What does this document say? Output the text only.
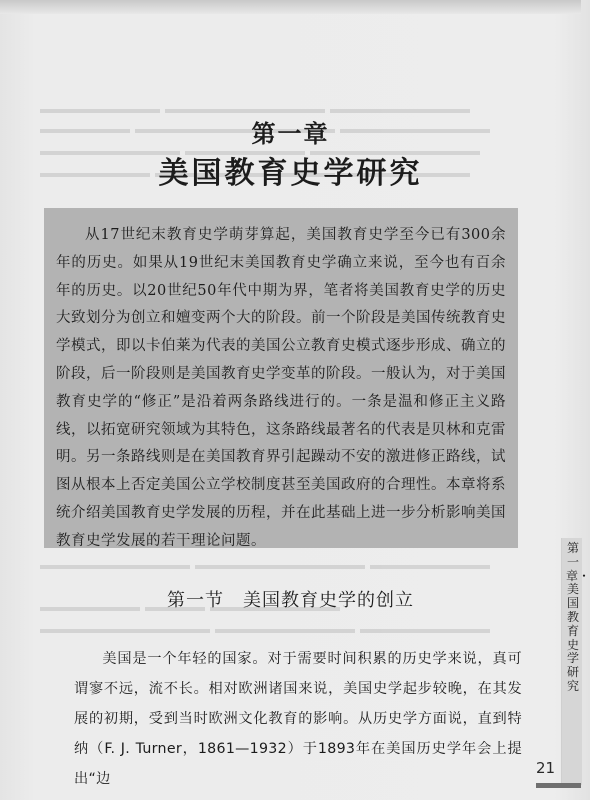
第一章
美国教育史学研究

从17世纪末教育史学萌芽算起，美国教育史学至今已有300余年的历史。如果从19世纪末美国教育史学确立来说，至今也有百余年的历史。以20世纪50年代中期为界，笔者将美国教育史学的历史大致划分为创立和嬗变两个大的阶段。前一个阶段是美国传统教育史学模式，即以卡伯莱为代表的美国公立教育史模式逐步形成、确立的阶段，后一阶段则是美国教育史学变革的阶段。一般认为，对于美国教育史学的“修正”是沿着两条路线进行的。一条是温和修正主义路线，以拓宽研究领域为其特色，这条路线最著名的代表是贝林和克雷明。另一条路线则是在美国教育界引起躁动不安的激进修正路线，试图从根本上否定美国公立学校制度甚至美国政府的合理性。本章将系统介绍美国教育史学发展的历程，并在此基础上进一步分析影响美国教育史学发展的若干理论问题。

第一节　美国教育史学的创立

美国是一个年轻的国家。对于需要时间积累的历史学来说，真可谓寥不远，流不长。相对欧洲诸国来说，美国史学起步较晚，在其发展的初期，受到当时欧洲文化教育的影响。从历史学方面说，直到特纳（F. J. Turner，1861—1932）于1893年在美国历史学年会上提出“边

第一章・美国教育史学研究
21
